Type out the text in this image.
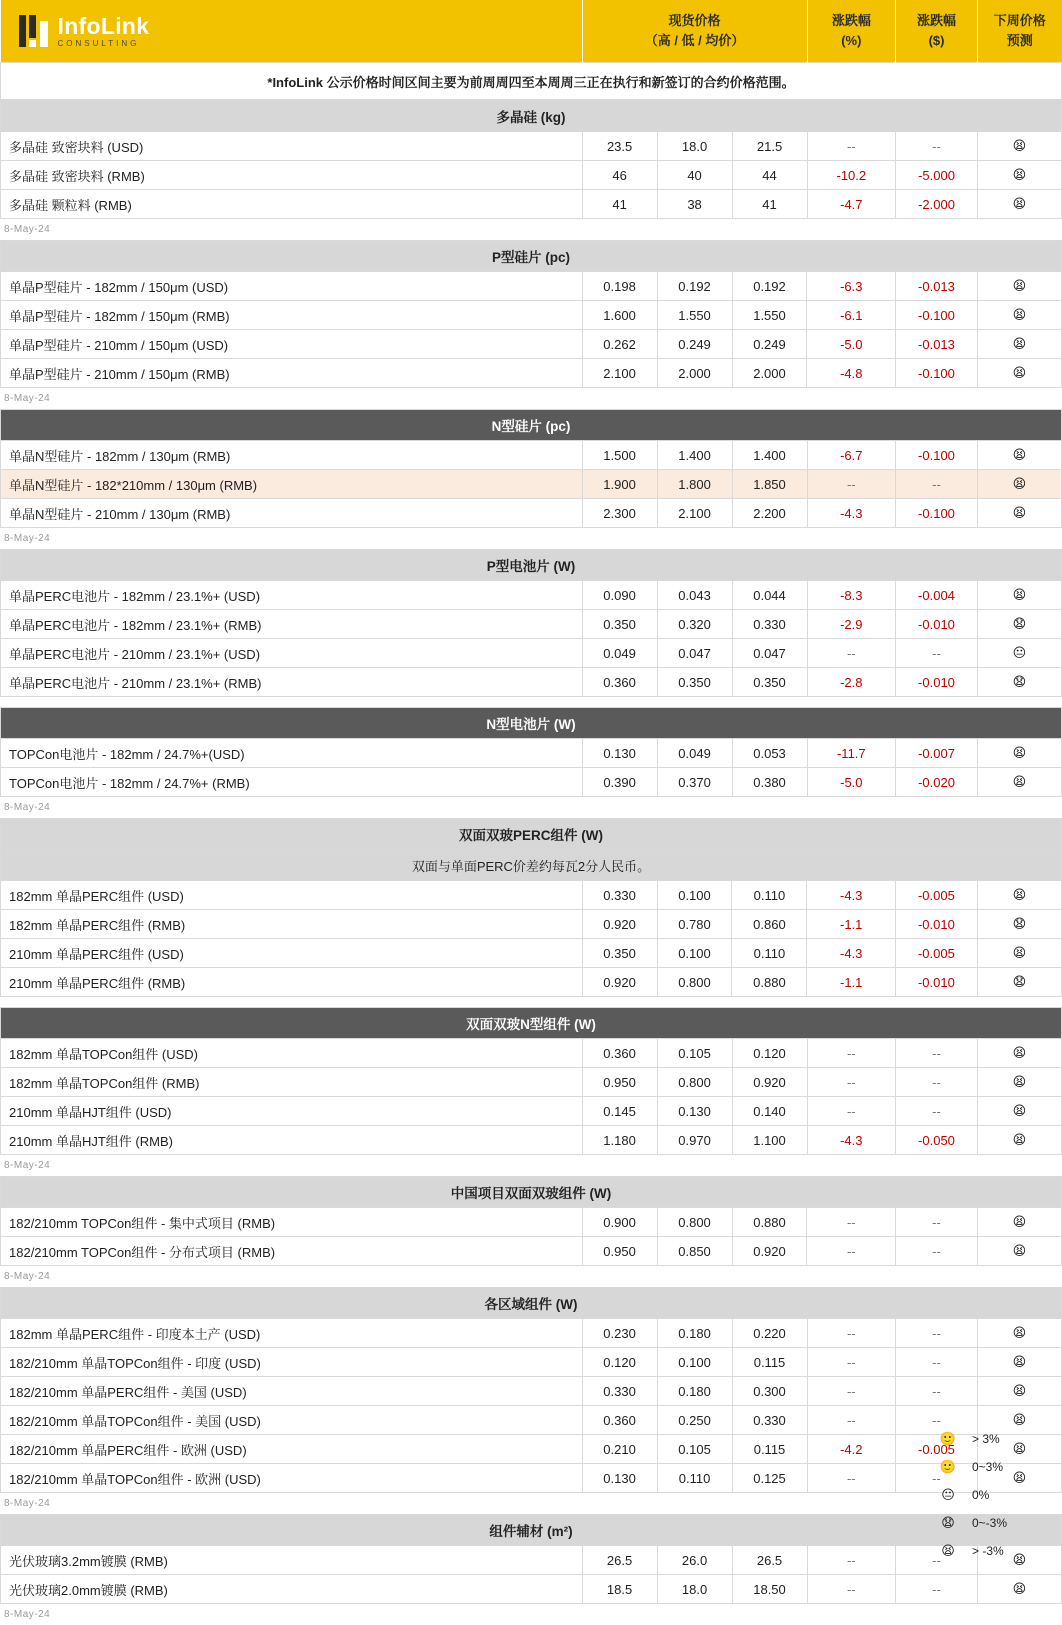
InfoLink
CONSULTING

现货价格
（高 / 低 / 均价）

涨跌幅
(%)

涨跌幅
($)

下周价格
预测

*InfoLink 公示价格时间区间主要为前周周四至本周周三正在执行和新签订的合约价格范围。
多晶硅 (kg)						
多晶硅 致密块料 (USD)	23.5	18.0	21.5	--	--	😫
多晶硅 致密块料 (RMB)	46	40	44	-10.2	-5.000	😫
多晶硅 颗粒料 (RMB)	41	38	41	-4.7	-2.000	😫
8-May-24
P型硅片 (pc)						
单晶P型硅片 - 182mm / 150μm (USD)	0.198	0.192	0.192	-6.3	-0.013	😫
单晶P型硅片 - 182mm / 150μm (RMB)	1.600	1.550	1.550	-6.1	-0.100	😫
单晶P型硅片 - 210mm / 150μm (USD)	0.262	0.249	0.249	-5.0	-0.013	😫
单晶P型硅片 - 210mm / 150μm (RMB)	2.100	2.000	2.000	-4.8	-0.100	😫
8-May-24
N型硅片 (pc)						
单晶N型硅片 - 182mm / 130μm (RMB)	1.500	1.400	1.400	-6.7	-0.100	😫
单晶N型硅片 - 182*210mm / 130μm (RMB)	1.900	1.800	1.850	--	--	😫
单晶N型硅片 - 210mm / 130μm (RMB)	2.300	2.100	2.200	-4.3	-0.100	😫
8-May-24
P型电池片 (W)						
单晶PERC电池片 - 182mm / 23.1%+ (USD)	0.090	0.043	0.044	-8.3	-0.004	😫
单晶PERC电池片 - 182mm / 23.1%+ (RMB)	0.350	0.320	0.330	-2.9	-0.010	😧
单晶PERC电池片 - 210mm / 23.1%+ (USD)	0.049	0.047	0.047	--	--	😐
单晶PERC电池片 - 210mm / 23.1%+ (RMB)	0.360	0.350	0.350	-2.8	-0.010	😧
N型电池片 (W)						
TOPCon电池片 - 182mm / 24.7%+(USD)	0.130	0.049	0.053	-11.7	-0.007	😫
TOPCon电池片 - 182mm / 24.7%+ (RMB)	0.390	0.370	0.380	-5.0	-0.020	😫
8-May-24
双面双玻PERC组件 (W)						
双面与单面PERC价差约每瓦2分人民币。						
182mm 单晶PERC组件 (USD)	0.330	0.100	0.110	-4.3	-0.005	😫
182mm 单晶PERC组件 (RMB)	0.920	0.780	0.860	-1.1	-0.010	😧
210mm 单晶PERC组件 (USD)	0.350	0.100	0.110	-4.3	-0.005	😫
210mm 单晶PERC组件 (RMB)	0.920	0.800	0.880	-1.1	-0.010	😧
双面双玻N型组件 (W)						
182mm 单晶TOPCon组件 (USD)	0.360	0.105	0.120	--	--	😫
182mm 单晶TOPCon组件 (RMB)	0.950	0.800	0.920	--	--	😫
210mm 单晶HJT组件 (USD)	0.145	0.130	0.140	--	--	😫
210mm 单晶HJT组件 (RMB)	1.180	0.970	1.100	-4.3	-0.050	😫
8-May-24
中国项目双面双玻组件 (W)						
182/210mm TOPCon组件 - 集中式项目 (RMB)	0.900	0.800	0.880	--	--	😫
182/210mm TOPCon组件 - 分布式项目 (RMB)	0.950	0.850	0.920	--	--	😫
8-May-24
各区域组件 (W)						
182mm 单晶PERC组件 - 印度本土产 (USD)	0.230	0.180	0.220	--	--	😫
182/210mm 单晶TOPCon组件 - 印度 (USD)	0.120	0.100	0.115	--	--	😫
182/210mm 单晶PERC组件 - 美国 (USD)	0.330	0.180	0.300	--	--	😫
182/210mm 单晶TOPCon组件 - 美国 (USD)	0.360	0.250	0.330	--	--	😫
182/210mm 单晶PERC组件 - 欧洲 (USD)	0.210	0.105	0.115	-4.2	-0.005	😫
182/210mm 单晶TOPCon组件 - 欧洲 (USD)	0.130	0.110	0.125	--	--	😫
8-May-24
组件辅材 (m²)						
光伏玻璃3.2mm镀膜 (RMB)	26.5	26.0	26.5	--	--	😫
光伏玻璃2.0mm镀膜 (RMB)	18.5	18.0	18.50	--	--	😫
8-May-24
🙂 > 3%
🙂 0~3%
😐 0%
😧 0~-3%
😫 > -3%
